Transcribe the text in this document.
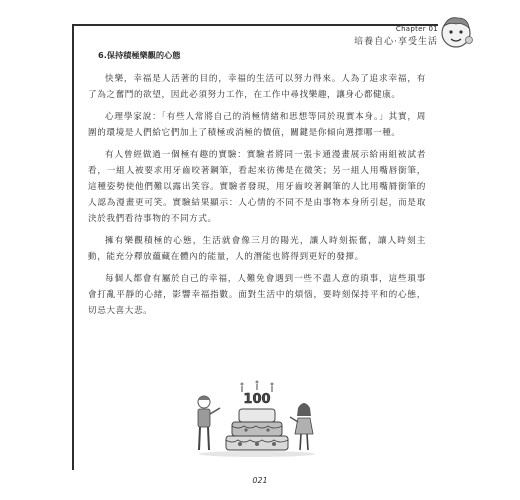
Chapter 01
培養自心·享受生活
6.保持積極樂觀的心態

快樂，幸福是人活著的目的，幸福的生活可以努力得來。人為了追求幸福，有了為之奮鬥的欲望，因此必須努力工作，在工作中尋找樂趣，讓身心都健康。

心理學家說：「有些人常將自己的消極情緒和思想等同於現實本身。」其實，周圍的環境是人們給它們加上了積極或消極的價值，關鍵是你傾向選擇哪一種。

有人曾經做過一個極有趣的實驗：實驗者將同一張卡通漫畫展示給兩組被試者看，一組人被要求用牙齒咬著鋼筆，看起來彷彿是在微笑；另一組人用嘴唇銜筆，這種姿勢使他們難以露出笑容。實驗者發現，用牙齒咬著鋼筆的人比用嘴脣銜筆的人認為漫畫更可笑。實驗結果顯示：人心情的不同不是由事物本身所引起，而是取決於我們看待事物的不同方式。

擁有樂觀積極的心態，生活就會像三月的陽光，讓人時刻振奮，讓人時刻主動，能充分釋放蘊藏在體內的能量，人的潛能也將得到更好的發揮。

每個人都會有屬於自己的幸福，人難免會遇到一些不盡人意的瑣事，這些瑣事會打亂平靜的心緒，影響幸福指數。面對生活中的煩惱，要時刻保持平和的心態，切忌大喜大悲。

100
021
